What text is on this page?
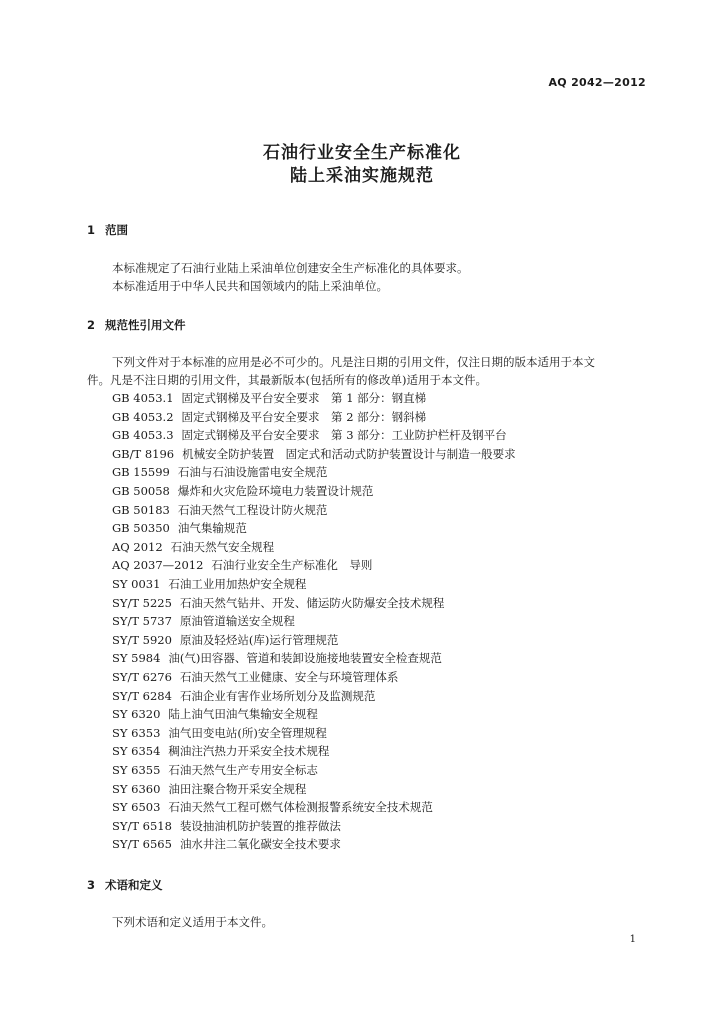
AQ 2042—2012
石油行业安全生产标准化
陆上采油实施规范
1 范围
本标准规定了石油行业陆上采油单位创建安全生产标准化的具体要求。
本标准适用于中华人民共和国领域内的陆上采油单位。
2 规范性引用文件
下列文件对于本标准的应用是必不可少的。凡是注日期的引用文件，仅注日期的版本适用于本文
件。凡是不注日期的引用文件，其最新版本(包括所有的修改单)适用于本文件。
GB 4053.1 固定式钢梯及平台安全要求　第 1 部分：钢直梯
GB 4053.2 固定式钢梯及平台安全要求　第 2 部分：钢斜梯
GB 4053.3 固定式钢梯及平台安全要求　第 3 部分：工业防护栏杆及钢平台
GB/T 8196 机械安全防护装置　固定式和活动式防护装置设计与制造一般要求
GB 15599 石油与石油设施雷电安全规范
GB 50058 爆炸和火灾危险环境电力装置设计规范
GB 50183 石油天然气工程设计防火规范
GB 50350 油气集输规范
AQ 2012 石油天然气安全规程
AQ 2037—2012 石油行业安全生产标准化　导则
SY 0031 石油工业用加热炉安全规程
SY/T 5225 石油天然气钻井、开发、储运防火防爆安全技术规程
SY/T 5737 原油管道输送安全规程
SY/T 5920 原油及轻烃站(库)运行管理规范
SY 5984 油(气)田容器、管道和装卸设施接地装置安全检查规范
SY/T 6276 石油天然气工业健康、安全与环境管理体系
SY/T 6284 石油企业有害作业场所划分及监测规范
SY 6320 陆上油气田油气集输安全规程
SY 6353 油气田变电站(所)安全管理规程
SY 6354 稠油注汽热力开采安全技术规程
SY 6355 石油天然气生产专用安全标志
SY 6360 油田注聚合物开采安全规程
SY 6503 石油天然气工程可燃气体检测报警系统安全技术规范
SY/T 6518 装设抽油机防护装置的推荐做法
SY/T 6565 油水井注二氧化碳安全技术要求
3 术语和定义
下列术语和定义适用于本文件。
1
